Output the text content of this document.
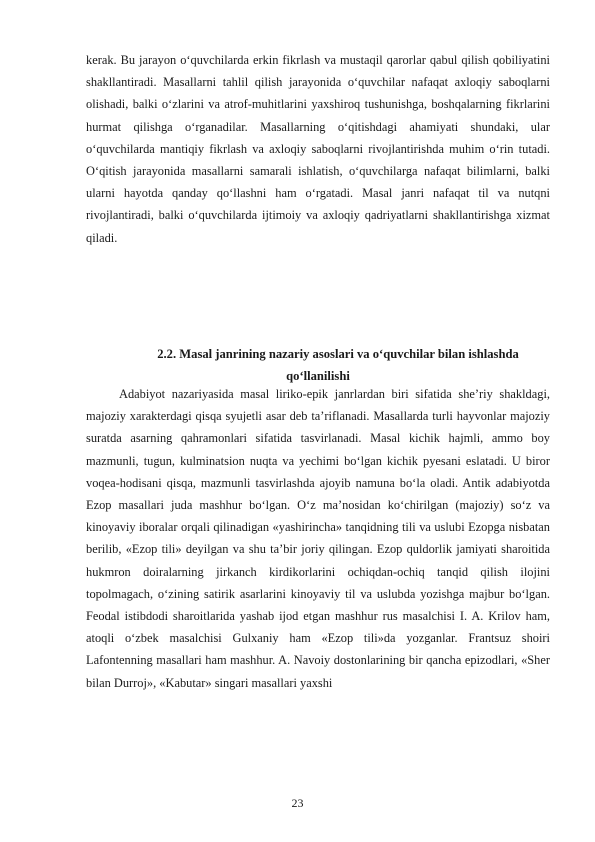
kerak. Bu jarayon o‘quvchilarda erkin fikrlash va mustaqil qarorlar qabul qilish qobiliyatini shakllantiradi. Masallarni tahlil qilish jarayonida o‘quvchilar nafaqat axloqiy saboqlarni olishadi, balki o‘zlarini va atrof-muhitlarini yaxshiroq tushunishga, boshqalarning fikrlarini hurmat qilishga o‘rganadilar. Masallarning o‘qitishdagi ahamiyati shundaki, ular o‘quvchilarda mantiqiy fikrlash va axloqiy saboqlarni rivojlantirishda muhim o‘rin tutadi. O‘qitish jarayonida masallarni samarali ishlatish, o‘quvchilarga nafaqat bilimlarni, balki ularni hayotda qanday qo‘llashni ham o‘rgatadi. Masal janri nafaqat til va nutqni rivojlantiradi, balki o‘quvchilarda ijtimoiy va axloqiy qadriyatlarni shakllantirishga xizmat qiladi.

2.2. Masal janrining nazariy asoslari va o‘quvchilar bilan ishlashda
qo‘llanilishi

Adabiyot nazariyasida masal liriko-epik janrlardan biri sifatida she’riy shakldagi, majoziy xarakterdagi qisqa syujetli asar deb ta’riflanadi. Masallarda turli hayvonlar majoziy suratda asarning qahramonlari sifatida tasvirlanadi. Masal kichik hajmli, ammo boy mazmunli, tugun, kulminatsion nuqta va yechimi bo‘lgan kichik pyesani eslatadi. U biror voqea-hodisani qisqa, mazmunli tasvirlashda ajoyib namuna bo‘la oladi. Antik adabiyotda Ezop masallari juda mashhur bo‘lgan. O‘z ma’nosidan ko‘chirilgan (majoziy) so‘z va kinoyaviy iboralar orqali qilinadigan «yashirincha» tanqidning tili va uslubi Ezopga nisbatan berilib, «Ezop tili» deyilgan va shu ta’bir joriy qilingan. Ezop quldorlik jamiyati sharoitida hukmron doiralarning jirkanch kirdikorlarini ochiqdan-ochiq tanqid qilish ilojini topolmagach, o‘zining satirik asarlarini kinoyaviy til va uslubda yozishga majbur bo‘lgan. Feodal istibdodi sharoitlarida yashab ijod etgan mashhur rus masalchisi I. A. Krilov ham, atoqli o‘zbek masalchisi Gulxaniy ham «Ezop tili»da yozganlar. Frantsuz shoiri Lafontenning masallari ham mashhur. A. Navoiy dostonlarining bir qancha epizodlari, «Sher bilan Durroj», «Kabutar» singari masallari yaxshi

23
